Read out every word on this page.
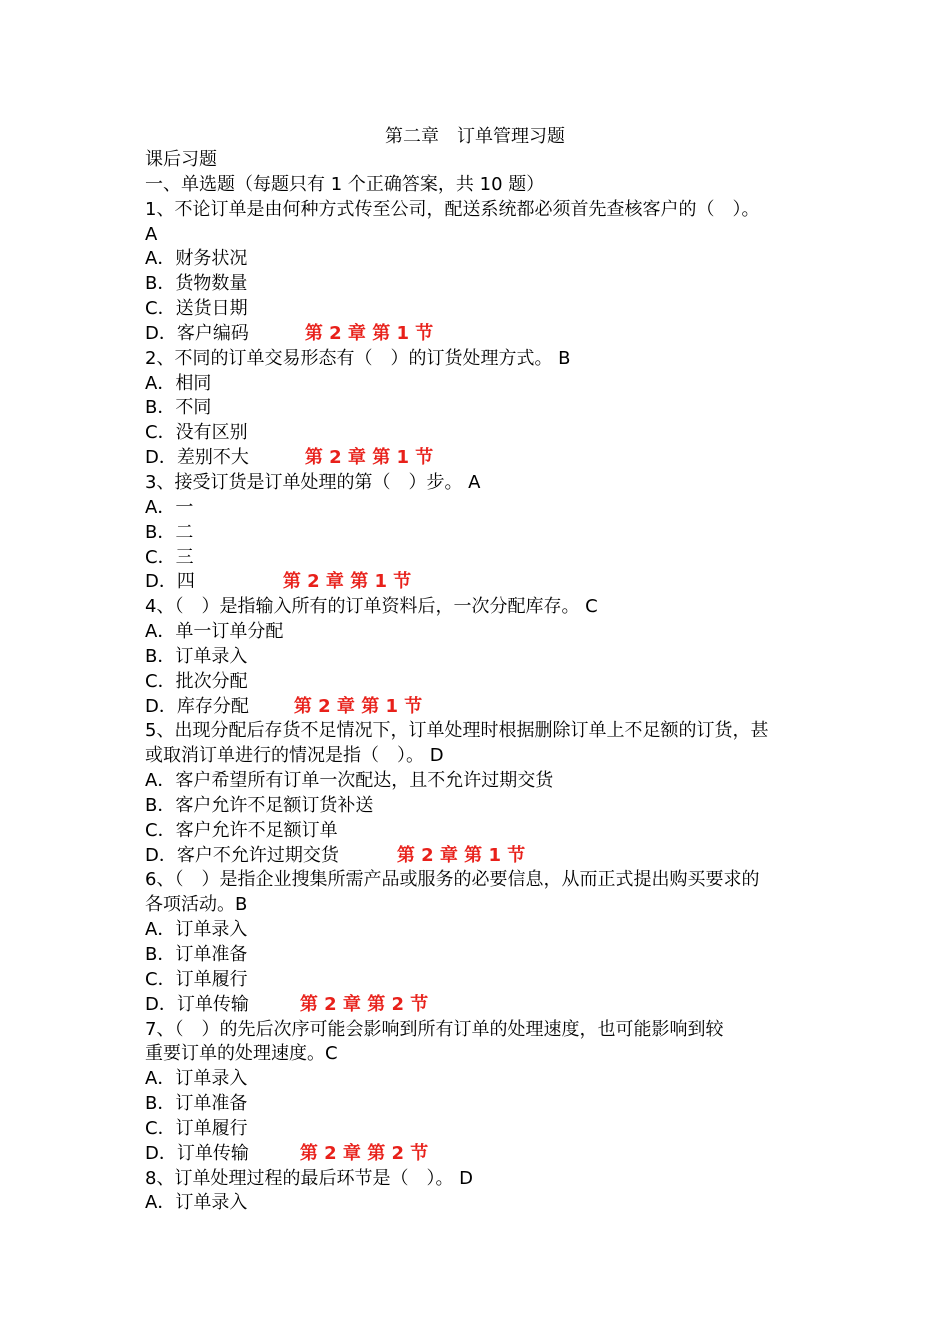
第二章　订单管理习题
课后习题
一、单选题（每题只有 1 个正确答案，共 10 题）
1、不论订单是由何种方式传至公司，配送系统都必须首先查核客户的（　）。
A
A．财务状况
B．货物数量
C．送货日期
D．客户编码	第 2 章 第 1 节
2、不同的订单交易形态有（　）的订货处理方式。 B
A．相同
B．不同
C．没有区别
D．差别不大	第 2 章 第 1 节
3、接受订货是订单处理的第（　）步。 A
A．一
B．二
C．三
D．四	第 2 章 第 1 节
4、（　）是指输入所有的订单资料后，一次分配库存。 C
A．单一订单分配
B．订单录入
C．批次分配
D．库存分配	第 2 章 第 1 节
5、出现分配后存货不足情况下，订单处理时根据删除订单上不足额的订货，甚
或取消订单进行的情况是指（　）。 D
A．客户希望所有订单一次配达，且不允许过期交货
B．客户允许不足额订货补送
C．客户允许不足额订单
D．客户不允许过期交货	第 2 章 第 1 节
6、（　）是指企业搜集所需产品或服务的必要信息，从而正式提出购买要求的
各项活动。B
A．订单录入
B．订单准备
C．订单履行
D．订单传输	第 2 章 第 2 节
7、（　）的先后次序可能会影响到所有订单的处理速度，也可能影响到较
重要订单的处理速度。C
A．订单录入
B．订单准备
C．订单履行
D．订单传输	第 2 章 第 2 节
8、订单处理过程的最后环节是（　）。 D
A．订单录入
